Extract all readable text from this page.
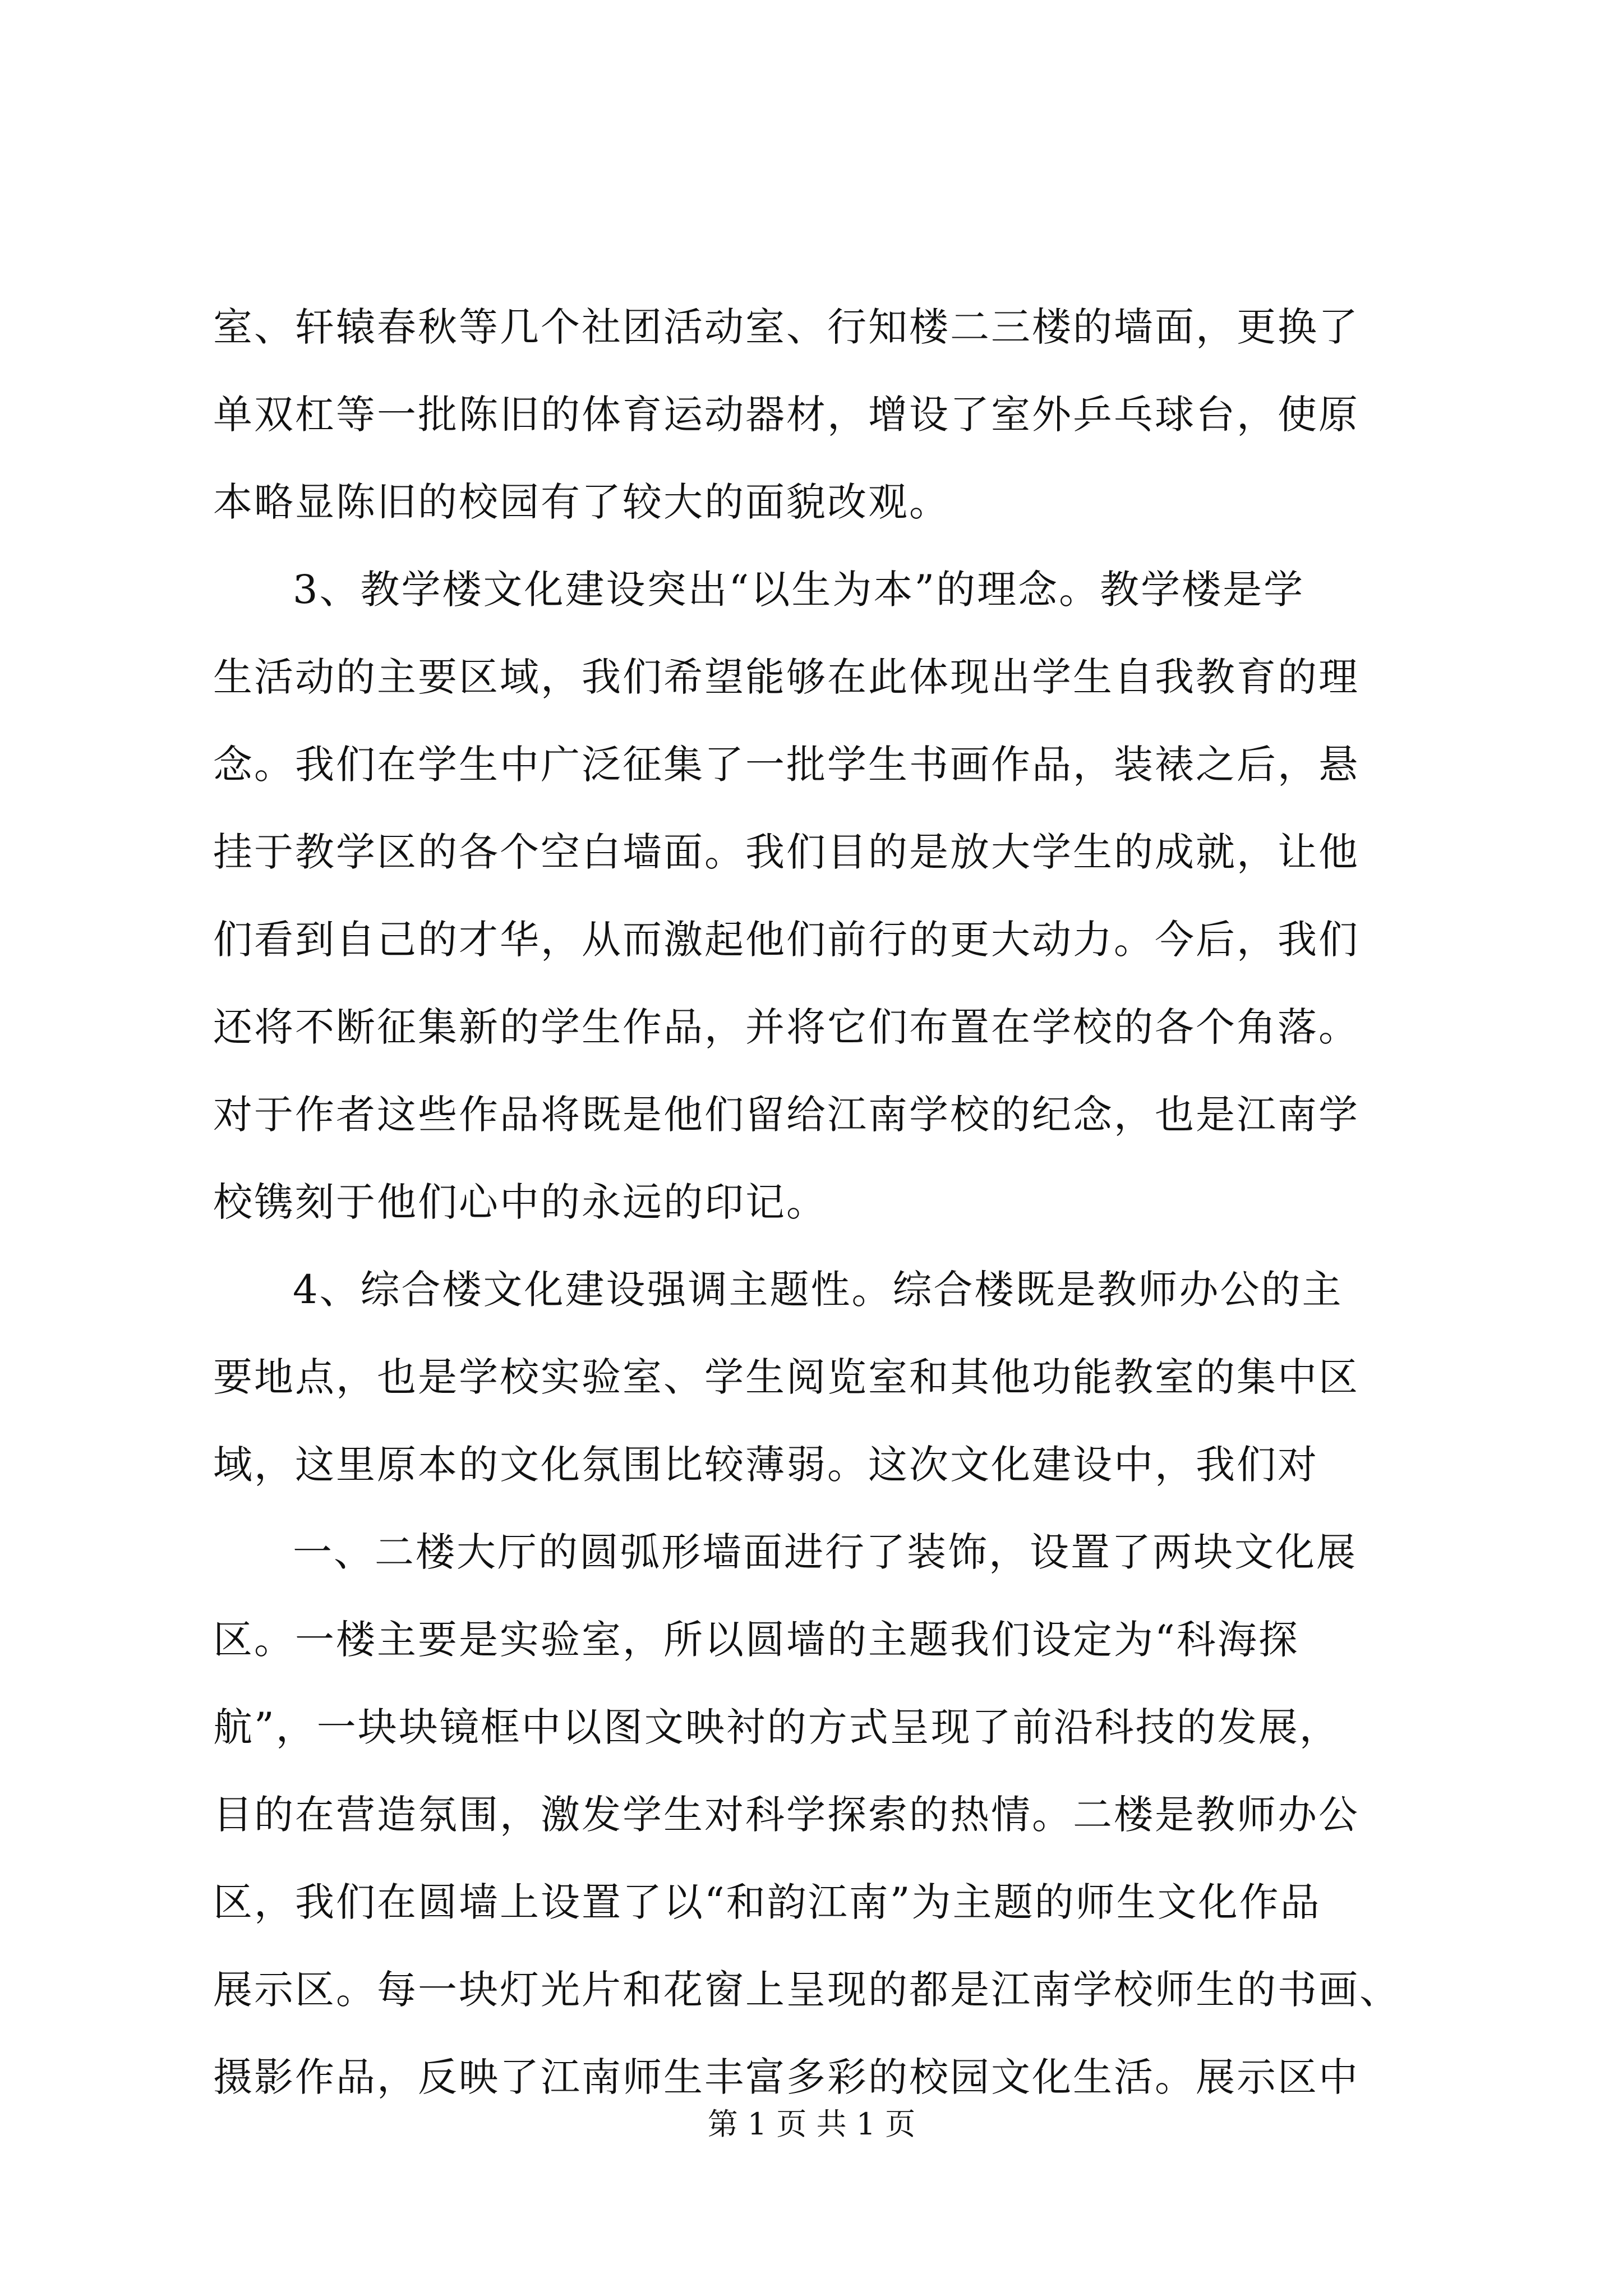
室、轩辕春秋等几个社团活动室、行知楼二三楼的墙面，更换了
单双杠等一批陈旧的体育运动器材，增设了室外乒乓球台，使原
本略显陈旧的校园有了较大的面貌改观。
3、教学楼文化建设突出“以生为本”的理念。教学楼是学
生活动的主要区域，我们希望能够在此体现出学生自我教育的理
念。我们在学生中广泛征集了一批学生书画作品，装裱之后，悬
挂于教学区的各个空白墙面。我们目的是放大学生的成就，让他
们看到自己的才华，从而激起他们前行的更大动力。今后，我们
还将不断征集新的学生作品，并将它们布置在学校的各个角落。
对于作者这些作品将既是他们留给江南学校的纪念，也是江南学
校镌刻于他们心中的永远的印记。
4、综合楼文化建设强调主题性。综合楼既是教师办公的主
要地点，也是学校实验室、学生阅览室和其他功能教室的集中区
域，这里原本的文化氛围比较薄弱。这次文化建设中，我们对
一、二楼大厅的圆弧形墙面进行了装饰，设置了两块文化展
区。一楼主要是实验室，所以圆墙的主题我们设定为“科海探
航”，一块块镜框中以图文映衬的方式呈现了前沿科技的发展，
目的在营造氛围，激发学生对科学探索的热情。二楼是教师办公
区，我们在圆墙上设置了以“和韵江南”为主题的师生文化作品
展示区。每一块灯光片和花窗上呈现的都是江南学校师生的书画、
摄影作品，反映了江南师生丰富多彩的校园文化生活。展示区中
第 1 页 共 1 页
